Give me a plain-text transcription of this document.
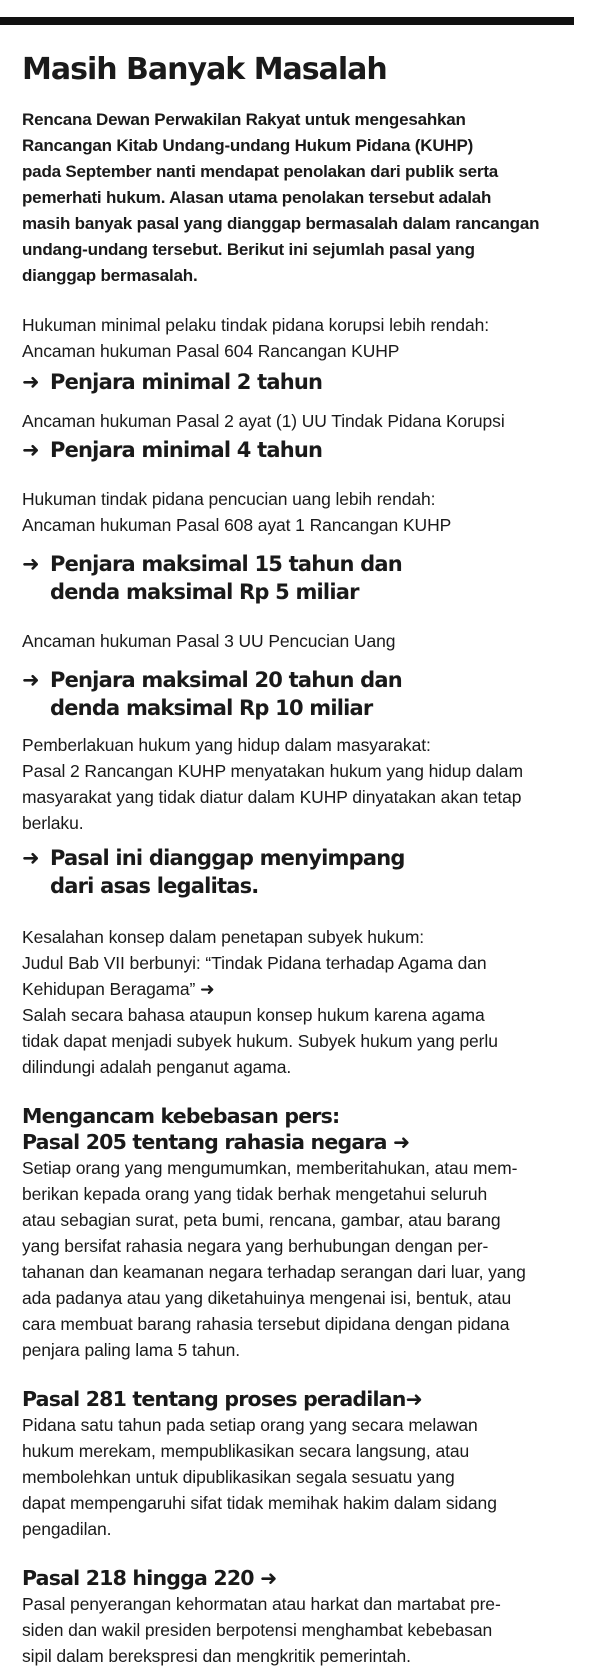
Masih Banyak Masalah

Rencana Dewan Perwakilan Rakyat untuk mengesahkan
Rancangan Kitab Undang-undang Hukum Pidana (KUHP)
pada September nanti mendapat penolakan dari publik serta
pemerhati hukum. Alasan utama penolakan tersebut adalah
masih banyak pasal yang dianggap bermasalah dalam rancangan
undang-undang tersebut. Berikut ini sejumlah pasal yang
dianggap bermasalah.

Hukuman minimal pelaku tindak pidana korupsi lebih rendah:
Ancaman hukuman Pasal 604 Rancangan KUHP

➜ Penjara minimal 2 tahun

Ancaman hukuman Pasal 2 ayat (1) UU Tindak Pidana Korupsi

➜ Penjara minimal 4 tahun

Hukuman tindak pidana pencucian uang lebih rendah:
Ancaman hukuman Pasal 608 ayat 1 Rancangan KUHP

➜ Penjara maksimal 15 tahun dan
denda maksimal Rp 5 miliar

Ancaman hukuman Pasal 3 UU Pencucian Uang

➜ Penjara maksimal 20 tahun dan
denda maksimal Rp 10 miliar

Pemberlakuan hukum yang hidup dalam masyarakat:
Pasal 2 Rancangan KUHP menyatakan hukum yang hidup dalam
masyarakat yang tidak diatur dalam KUHP dinyatakan akan tetap
berlaku.

➜ Pasal ini dianggap menyimpang
dari asas legalitas.

Kesalahan konsep dalam penetapan subyek hukum:
Judul Bab VII berbunyi: “Tindak Pidana terhadap Agama dan
Kehidupan Beragama” ➜
Salah secara bahasa ataupun konsep hukum karena agama
tidak dapat menjadi subyek hukum. Subyek hukum yang perlu
dilindungi adalah penganut agama.

Mengancam kebebasan pers:
Pasal 205 tentang rahasia negara ➜

Setiap orang yang mengumumkan, memberitahukan, atau mem-
berikan kepada orang yang tidak berhak mengetahui seluruh
atau sebagian surat, peta bumi, rencana, gambar, atau barang
yang bersifat rahasia negara yang berhubungan dengan per-
tahanan dan keamanan negara terhadap serangan dari luar, yang
ada padanya atau yang diketahuinya mengenai isi, bentuk, atau
cara membuat barang rahasia tersebut dipidana dengan pidana
penjara paling lama 5 tahun.

Pasal 281 tentang proses peradilan➜

Pidana satu tahun pada setiap orang yang secara melawan
hukum merekam, mempublikasikan secara langsung, atau
membolehkan untuk dipublikasikan segala sesuatu yang
dapat mempengaruhi sifat tidak memihak hakim dalam sidang
pengadilan.

Pasal 218 hingga 220 ➜

Pasal penyerangan kehormatan atau harkat dan martabat pre-
siden dan wakil presiden berpotensi menghambat kebebasan
sipil dalam berekspresi dan mengkritik pemerintah.
